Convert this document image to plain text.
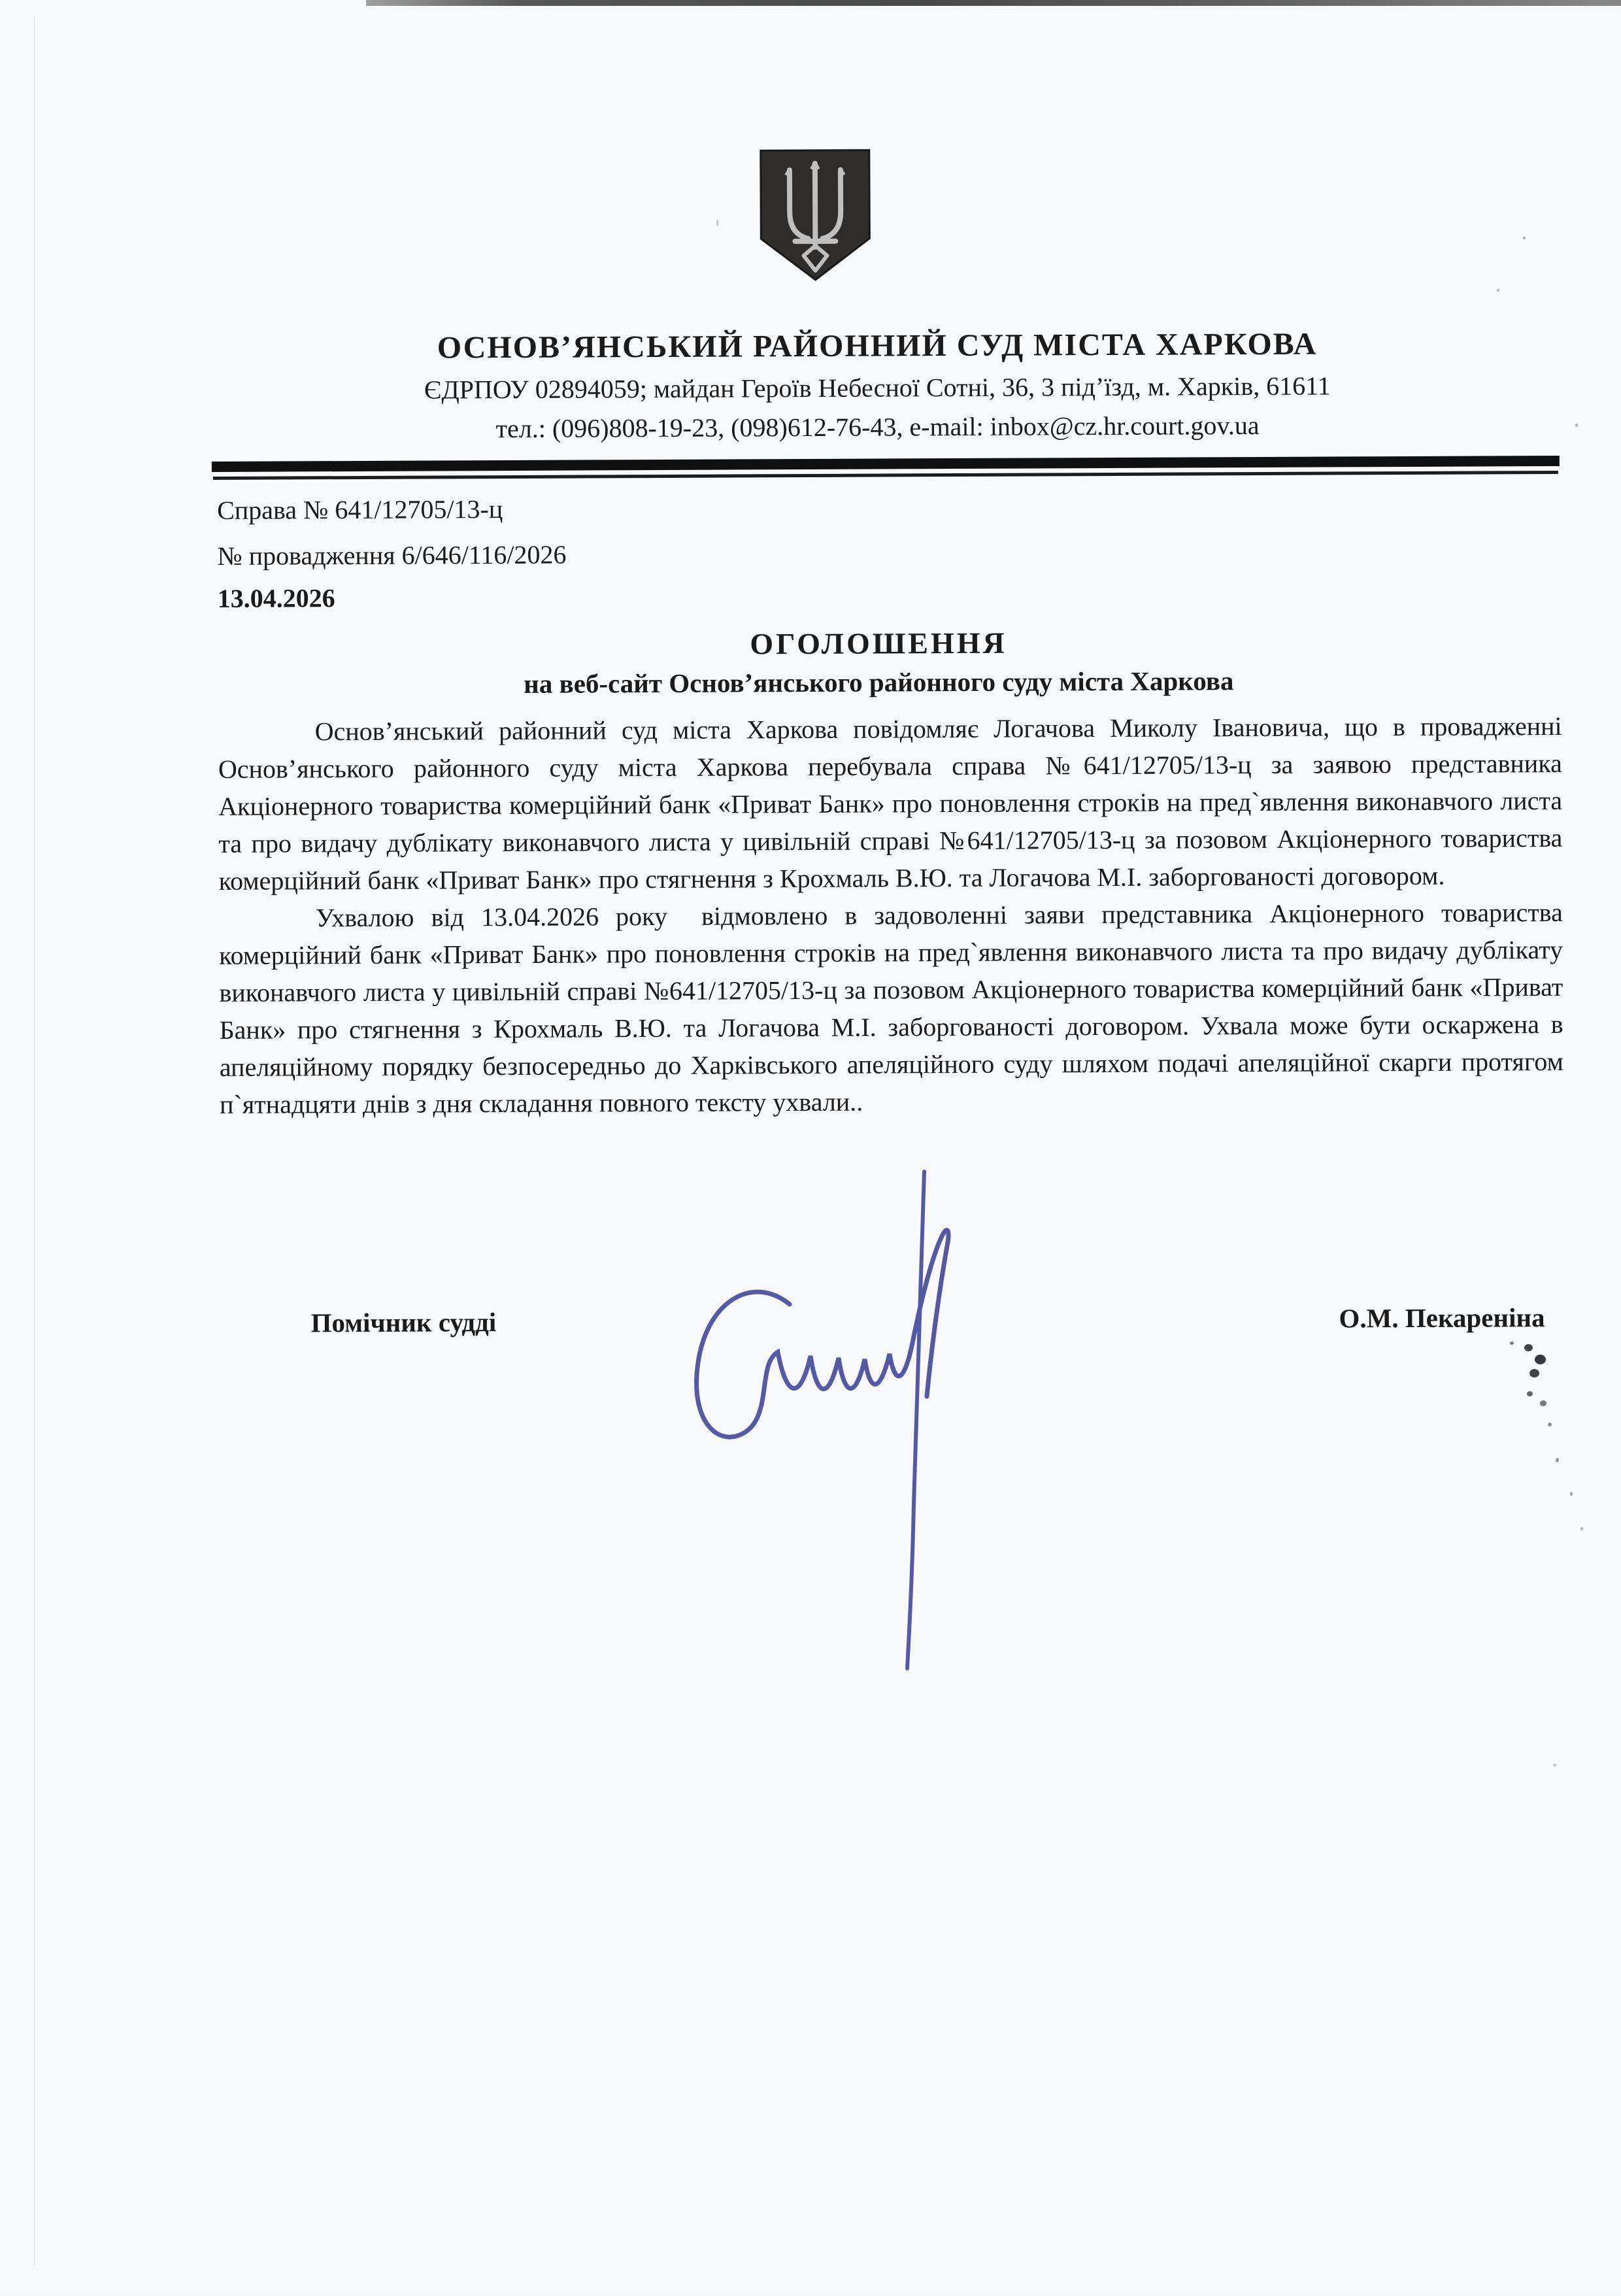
ОСНОВ’ЯНСЬКИЙ РАЙОННИЙ СУД МІСТА ХАРКОВА
ЄДРПОУ 02894059; майдан Героїв Небесної Сотні, 36, 3 під’їзд, м. Харків, 61611
тел.: (096)808-19-23, (098)612-76-43, e-mail: inbox@cz.hr.court.gov.ua
Справа № 641/12705/13-ц
№ провадження 6/646/116/2026
13.04.2026
ОГОЛОШЕННЯ
на веб-сайт Основ’янського районного суду міста Харкова

Основ’янський районний суд міста Харкова повідомляє Логачова Миколу Івановича, що в провадженні Основ’янського районного суду міста Харкова перебувала справа №641/12705/13-ц за заявою представника Акціонерного товариства комерційний банк «Приват Банк» про поновлення строків на пред`явлення виконавчого листа та про видачу дублікату виконавчого листа у цивільній справі №641/12705/13-ц за позовом Акціонерного товариства комерційний банк «Приват Банк» про стягнення з Крохмаль В.Ю. та Логачова М.І. заборгованості договором.

Ухвалою від 13.04.2026 року  відмовлено в задоволенні заяви представника Акціонерного товариства комерційний банк «Приват Банк» про поновлення строків на пред`явлення виконавчого листа та про видачу дублікату виконавчого листа у цивільній справі №641/12705/13-ц за позовом Акціонерного товариства комерційний банк «Приват Банк» про стягнення з Крохмаль В.Ю. та Логачова М.І. заборгованості договором. Ухвала може бути оскаржена в апеляційному порядку безпосередньо до Харківського апеляційного суду шляхом подачі апеляційної скарги протягом п`ятнадцяти днів з дня складання повного тексту ухвали..

Помічник судді	О.М. Пекареніна
